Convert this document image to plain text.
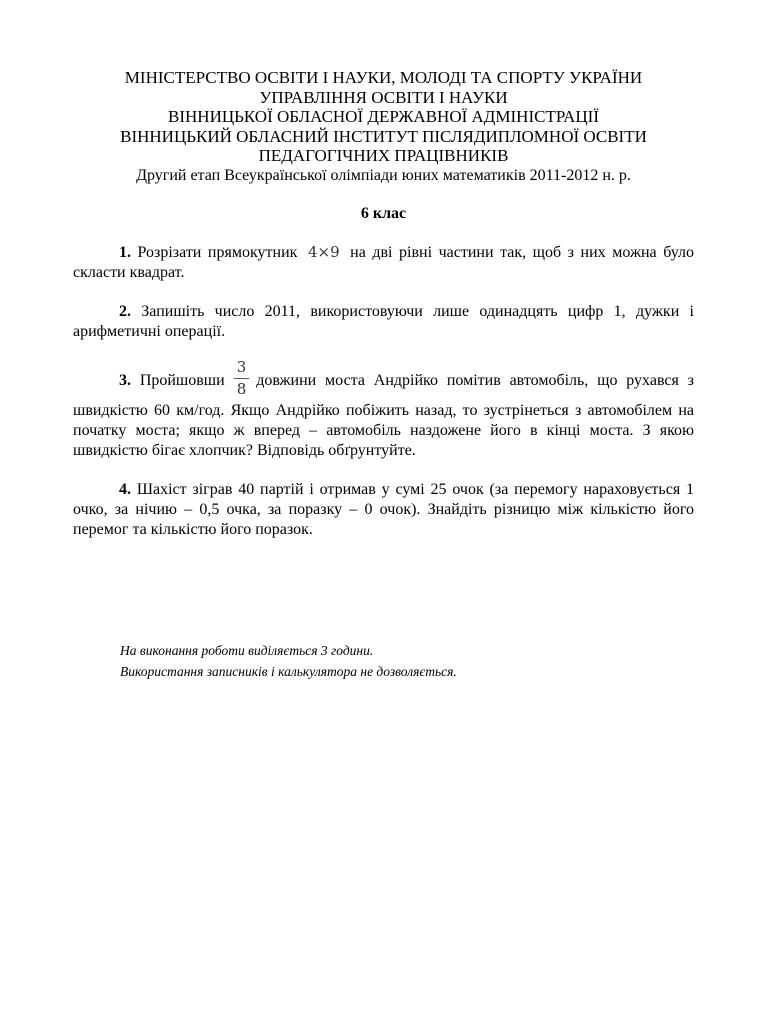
МІНІСТЕРСТВО ОСВІТИ І НАУКИ, МОЛОДІ ТА СПОРТУ УКРАЇНИ
УПРАВЛІННЯ ОСВІТИ І НАУКИ
ВІННИЦЬКОЇ ОБЛАСНОЇ ДЕРЖАВНОЇ АДМІНІСТРАЦІЇ
ВІННИЦЬКИЙ ОБЛАСНИЙ ІНСТИТУТ ПІСЛЯДИПЛОМНОЇ ОСВІТИ
ПЕДАГОГІЧНИХ ПРАЦІВНИКІВ

Другий етап Всеукраїнської олімпіади юних математиків 2011-2012 н. р.

6 клас

1. Розрізати прямокутник 4×9 на дві рівні частини так, щоб з них можна було скласти квадрат.

2. Запишіть число 2011, використовуючи лише одинадцять цифр 1, дужки і арифметичні операції.

3. Пройшовши $\frac{3}{8}$ довжини моста Андрійко помітив автомобіль, що рухався з швидкістю 60 км/год. Якщо Андрійко побіжить назад, то зустрінеться з автомобілем на початку моста; якщо ж вперед – автомобіль наздожене його в кінці моста. З якою швидкістю бігає хлопчик? Відповідь обґрунтуйте.

4. Шахіст зіграв 40 партій і отримав у сумі 25 очок (за перемогу нараховується 1 очко, за нічию – 0,5 очка, за поразку – 0 очок). Знайдіть різницю між кількістю його перемог та кількістю його поразок.

На виконання роботи виділяється 3 години.
Використання записників і калькулятора не дозволяється.
